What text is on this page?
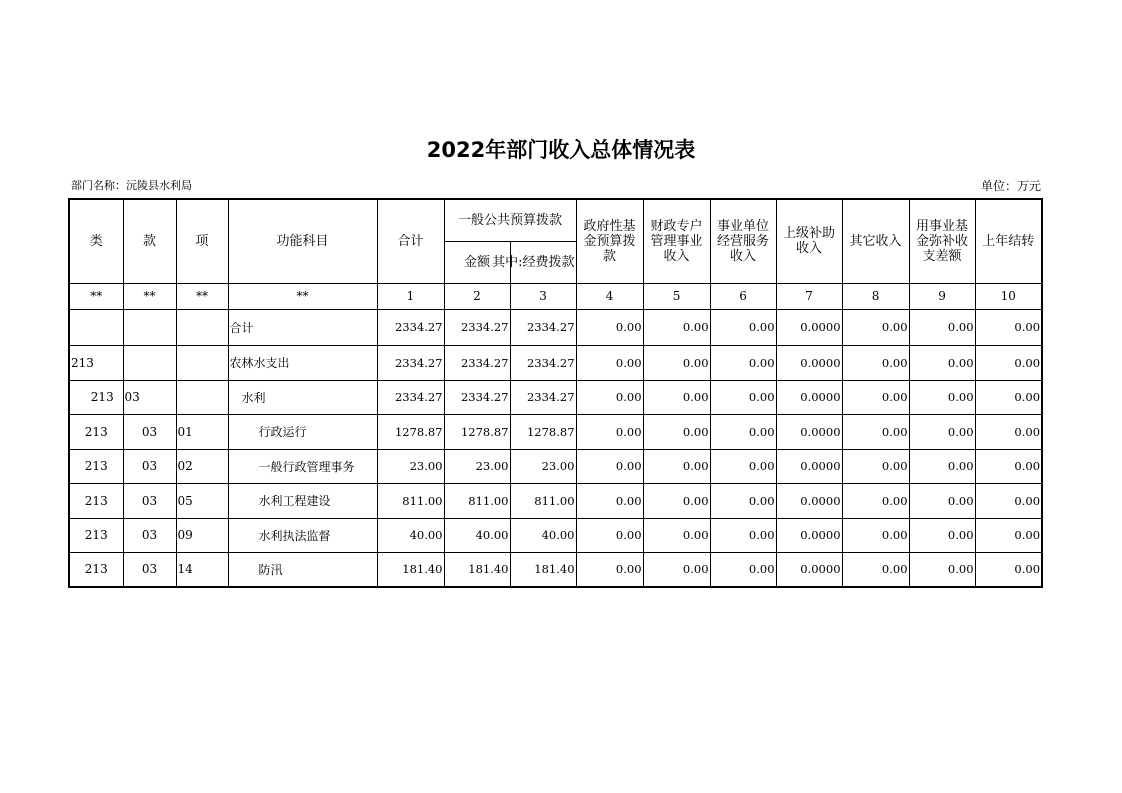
2022年部门收入总体情况表
部门名称：沅陵县水利局	单位：万元
类	款	项	功能科目	合计	一般公共预算拨款		政府性基金预算拨款	财政专户管理事业收入	事业单位经营服务收入	上级补助收入	其它收入	用事业基金弥补收支差额	上年结转
					金额	其中:经费拨款							
**	**	**	**	1	2	3	4	5	6	7	8	9	10
			合计	2334.27	2334.27	2334.27	0.00	0.00	0.00	0.0000	0.00	0.00	0.00
213			农林水支出	2334.27	2334.27	2334.27	0.00	0.00	0.00	0.0000	0.00	0.00	0.00
213	03		水利	2334.27	2334.27	2334.27	0.00	0.00	0.00	0.0000	0.00	0.00	0.00
213	03	01	行政运行	1278.87	1278.87	1278.87	0.00	0.00	0.00	0.0000	0.00	0.00	0.00
213	03	02	一般行政管理事务	23.00	23.00	23.00	0.00	0.00	0.00	0.0000	0.00	0.00	0.00
213	03	05	水利工程建设	811.00	811.00	811.00	0.00	0.00	0.00	0.0000	0.00	0.00	0.00
213	03	09	水利执法监督	40.00	40.00	40.00	0.00	0.00	0.00	0.0000	0.00	0.00	0.00
213	03	14	防汛	181.40	181.40	181.40	0.00	0.00	0.00	0.0000	0.00	0.00	0.00
